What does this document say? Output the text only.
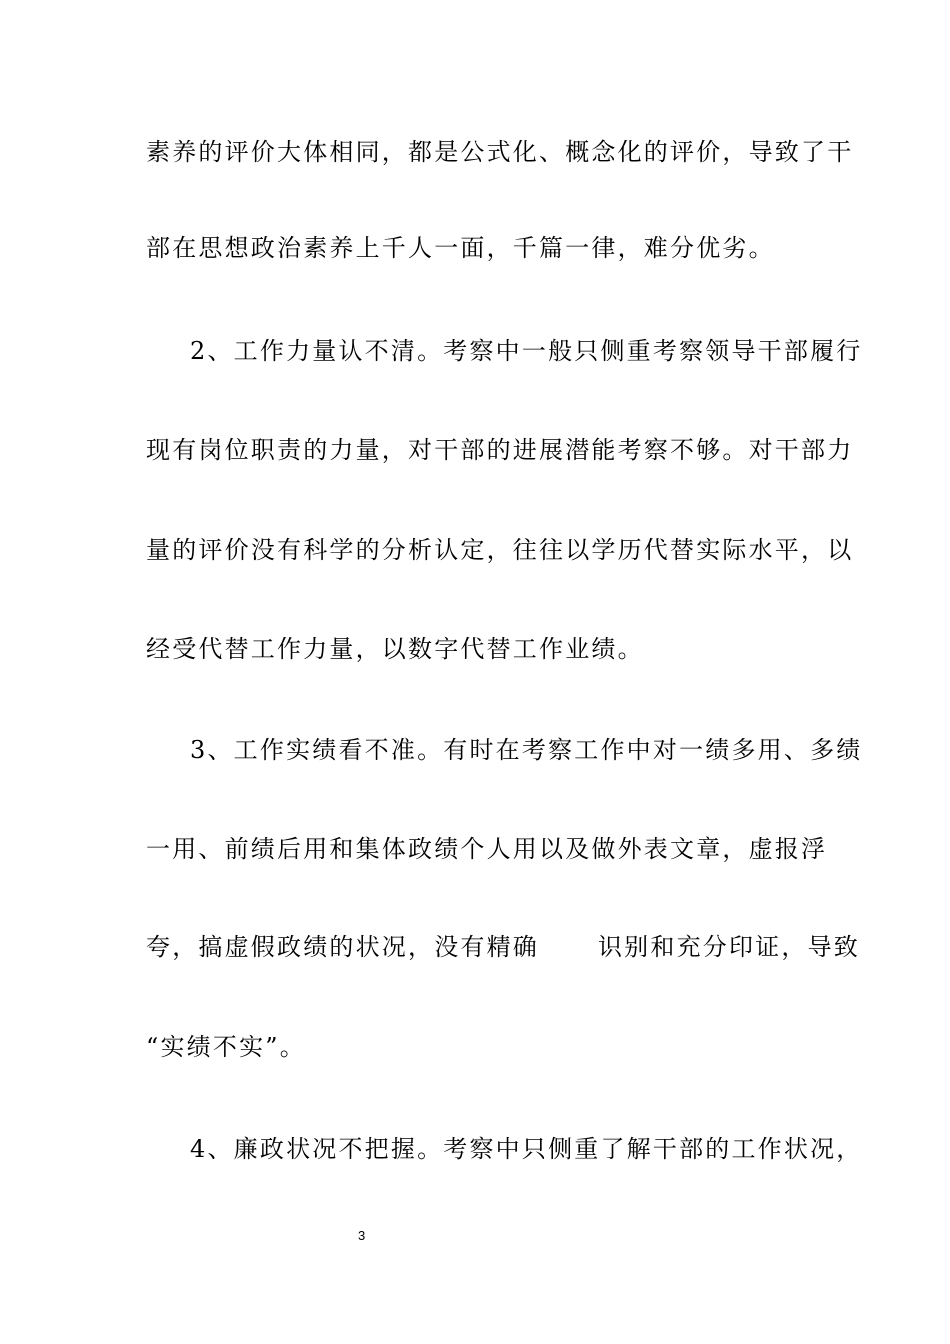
素养的评价大体相同，都是公式化、概念化的评价，导致了干
部在思想政治素养上千人一面，千篇一律，难分优劣。
2、工作力量认不清。考察中一般只侧重考察领导干部履行
现有岗位职责的力量，对干部的进展潜能考察不够。对干部力
量的评价没有科学的分析认定，往往以学历代替实际水平，以
经受代替工作力量，以数字代替工作业绩。
3、工作实绩看不准。有时在考察工作中对一绩多用、多绩
一用、前绩后用和集体政绩个人用以及做外表文章，虚报浮
夸，搞虚假政绩的状况，没有精确      识别和充分印证，导致
“实绩不实”。
4、廉政状况不把握。考察中只侧重了解干部的工作状况，
3
